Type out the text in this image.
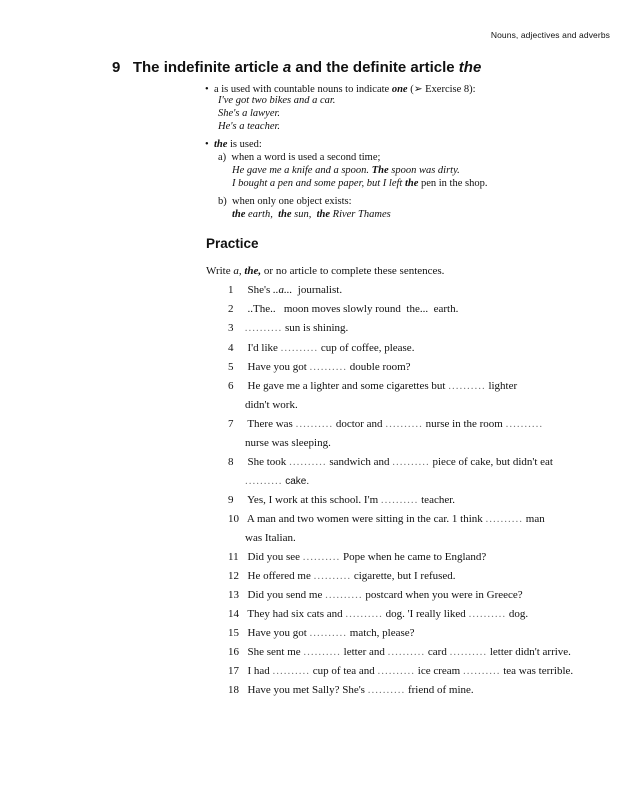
Nouns, adjectives and adverbs
9 The indefinite article a and the definite article the
• a is used with countable nouns to indicate one (➢ Exercise 8):
I've got two bikes and a car.
She's a lawyer.
He's a teacher.
• the is used:
a) when a word is used a second time;
He gave me a knife and a spoon. The spoon was dirty.
I bought a pen and some paper, but I left the pen in the shop.
b) when only one object exists:
the earth, the sun, the River Thames
Practice
Write a, the, or no article to complete these sentences.
1 She's ..a... journalist.
2 ..The.. moon moves slowly round the... earth.
3 .......... sun is shining.
4 I'd like .......... cup of coffee, please.
5 Have you got .......... double room?
6 He gave me a lighter and some cigarettes but .......... lighter
didn't work.
7 There was .......... doctor and .......... nurse in the room ..........
nurse was sleeping.
8 She took .......... sandwich and .......... piece of cake, but didn't eat
.......... cake.
9 Yes, I work at this school. I'm .......... teacher.
10 A man and two women were sitting in the car. 1 think .......... man
was Italian.
11 Did you see .......... Pope when he came to England?
12 He offered me .......... cigarette, but I refused.
13 Did you send me .......... postcard when you were in Greece?
14 They had six cats and .......... dog. 'I really liked .......... dog.
15 Have you got .......... match, please?
16 She sent me .......... letter and .......... card .......... letter didn't arrive.
17 I had .......... cup of tea and .......... ice cream .......... tea was terrible.
18 Have you met Sally? She's .......... friend of mine.
